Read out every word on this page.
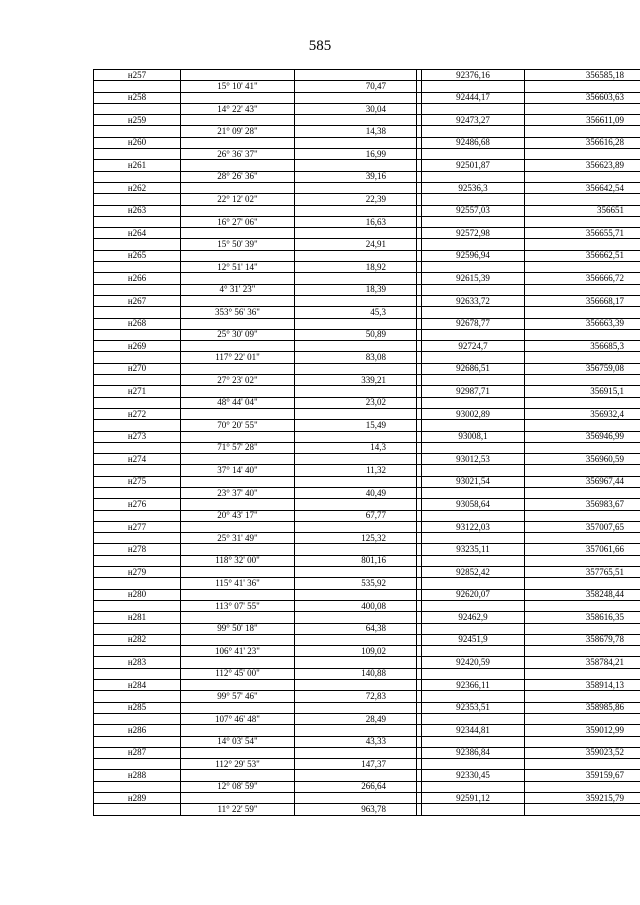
585
н257				92376,16	356585,18
	15° 10' 41"	70,47			
н258				92444,17	356603,63
	14° 22' 43"	30,04			
н259				92473,27	356611,09
	21° 09' 28"	14,38			
н260				92486,68	356616,28
	26° 36' 37"	16,99			
н261				92501,87	356623,89
	28° 26' 36"	39,16			
н262				92536,3	356642,54
	22° 12' 02"	22,39			
н263				92557,03	356651
	16° 27' 06"	16,63			
н264				92572,98	356655,71
	15° 50' 39"	24,91			
н265				92596,94	356662,51
	12° 51' 14"	18,92			
н266				92615,39	356666,72
	4° 31' 23"	18,39			
н267				92633,72	356668,17
	353° 56' 36"	45,3			
н268				92678,77	356663,39
	25° 30' 09"	50,89			
н269				92724,7	356685,3
	117° 22' 01"	83,08			
н270				92686,51	356759,08
	27° 23' 02"	339,21			
н271				92987,71	356915,1
	48° 44' 04"	23,02			
н272				93002,89	356932,4
	70° 20' 55"	15,49			
н273				93008,1	356946,99
	71° 57' 28"	14,3			
н274				93012,53	356960,59
	37° 14' 40"	11,32			
н275				93021,54	356967,44
	23° 37' 40"	40,49			
н276				93058,64	356983,67
	20° 43' 17"	67,77			
н277				93122,03	357007,65
	25° 31' 49"	125,32			
н278				93235,11	357061,66
	118° 32' 00"	801,16			
н279				92852,42	357765,51
	115° 41' 36"	535,92			
н280				92620,07	358248,44
	113° 07' 55"	400,08			
н281				92462,9	358616,35
	99° 50' 18"	64,38			
н282				92451,9	358679,78
	106° 41' 23"	109,02			
н283				92420,59	358784,21
	112° 45' 00"	140,88			
н284				92366,11	358914,13
	99° 57' 46"	72,83			
н285				92353,51	358985,86
	107° 46' 48"	28,49			
н286				92344,81	359012,99
	14° 03' 54"	43,33			
н287				92386,84	359023,52
	112° 29' 53"	147,37			
н288				92330,45	359159,67
	12° 08' 59"	266,64			
н289				92591,12	359215,79
	11° 22' 59"	963,78			
